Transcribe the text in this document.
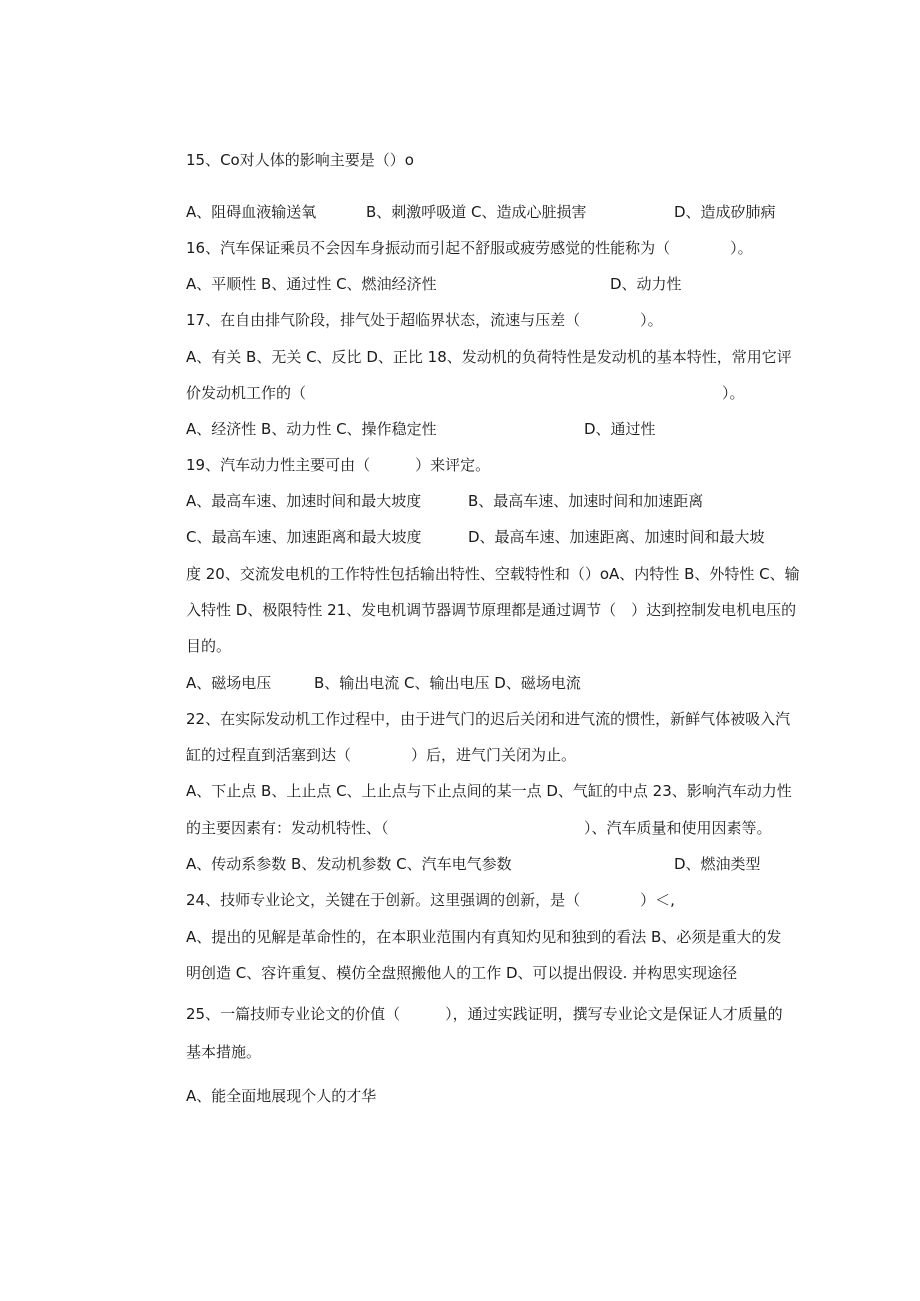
15、Co对人体的影响主要是（）o

A、阻碍血液输送氧

	B、刺激呼吸道 C、造成心脏损害

	D、造成矽肺病

16、汽车保证乘员不会因车身振动而引起不舒服或疲劳感觉的性能称为（　　　　）。

A、平顺性 B、通过性 C、燃油经济性

	D、动力性

17、在自由排气阶段，排气处于超临界状态，流速与压差（　　　　）。

A、有关 B、无关 C、反比 D、正比 18、发动机的负荷特性是发动机的基本特性，常用它评

价发动机工作的（

	）。

A、经济性 B、动力性 C、操作稳定性

	D、通过性

19、汽车动力性主要可由（　　　）来评定。

A、最高车速、加速时间和最大坡度

	B、最高车速、加速时间和加速距离

C、最高车速、加速距离和最大坡度

	D、最高车速、加速距离、加速时间和最大坡

度 20、交流发电机的工作特性包括输出特性、空载特性和（）oA、内特性 B、外特性 C、输

入特性 D、极限特性 21、发电机调节器调节原理都是通过调节（　）达到控制发电机电压的

目的。

A、磁场电压

	B、输出电流 C、输出电压 D、磁场电流

22、在实际发动机工作过程中，由于进气门的迟后关闭和进气流的惯性，新鲜气体被吸入汽

缸的过程直到活塞到达（　　　　）后，进气门关闭为止。

A、下止点 B、上止点 C、上止点与下止点间的某一点 D、气缸的中点 23、影响汽车动力性

的主要因素有：发动机特性、（

	）、汽车质量和使用因素等。

A、传动系参数 B、发动机参数 C、汽车电气参数

	D、燃油类型

24、技师专业论文，关键在于创新。这里强调的创新，是（　　　　）＜,

A、提出的见解是革命性的，在本职业范围内有真知灼见和独到的看法 B、必须是重大的发

明创造 C、容许重复、模仿全盘照搬他人的工作 D、可以提出假设. 并构思实现途径

25、一篇技师专业论文的价值（　　　），通过实践证明，撰写专业论文是保证人才质量的

基本措施。

A、能全面地展现个人的才华
